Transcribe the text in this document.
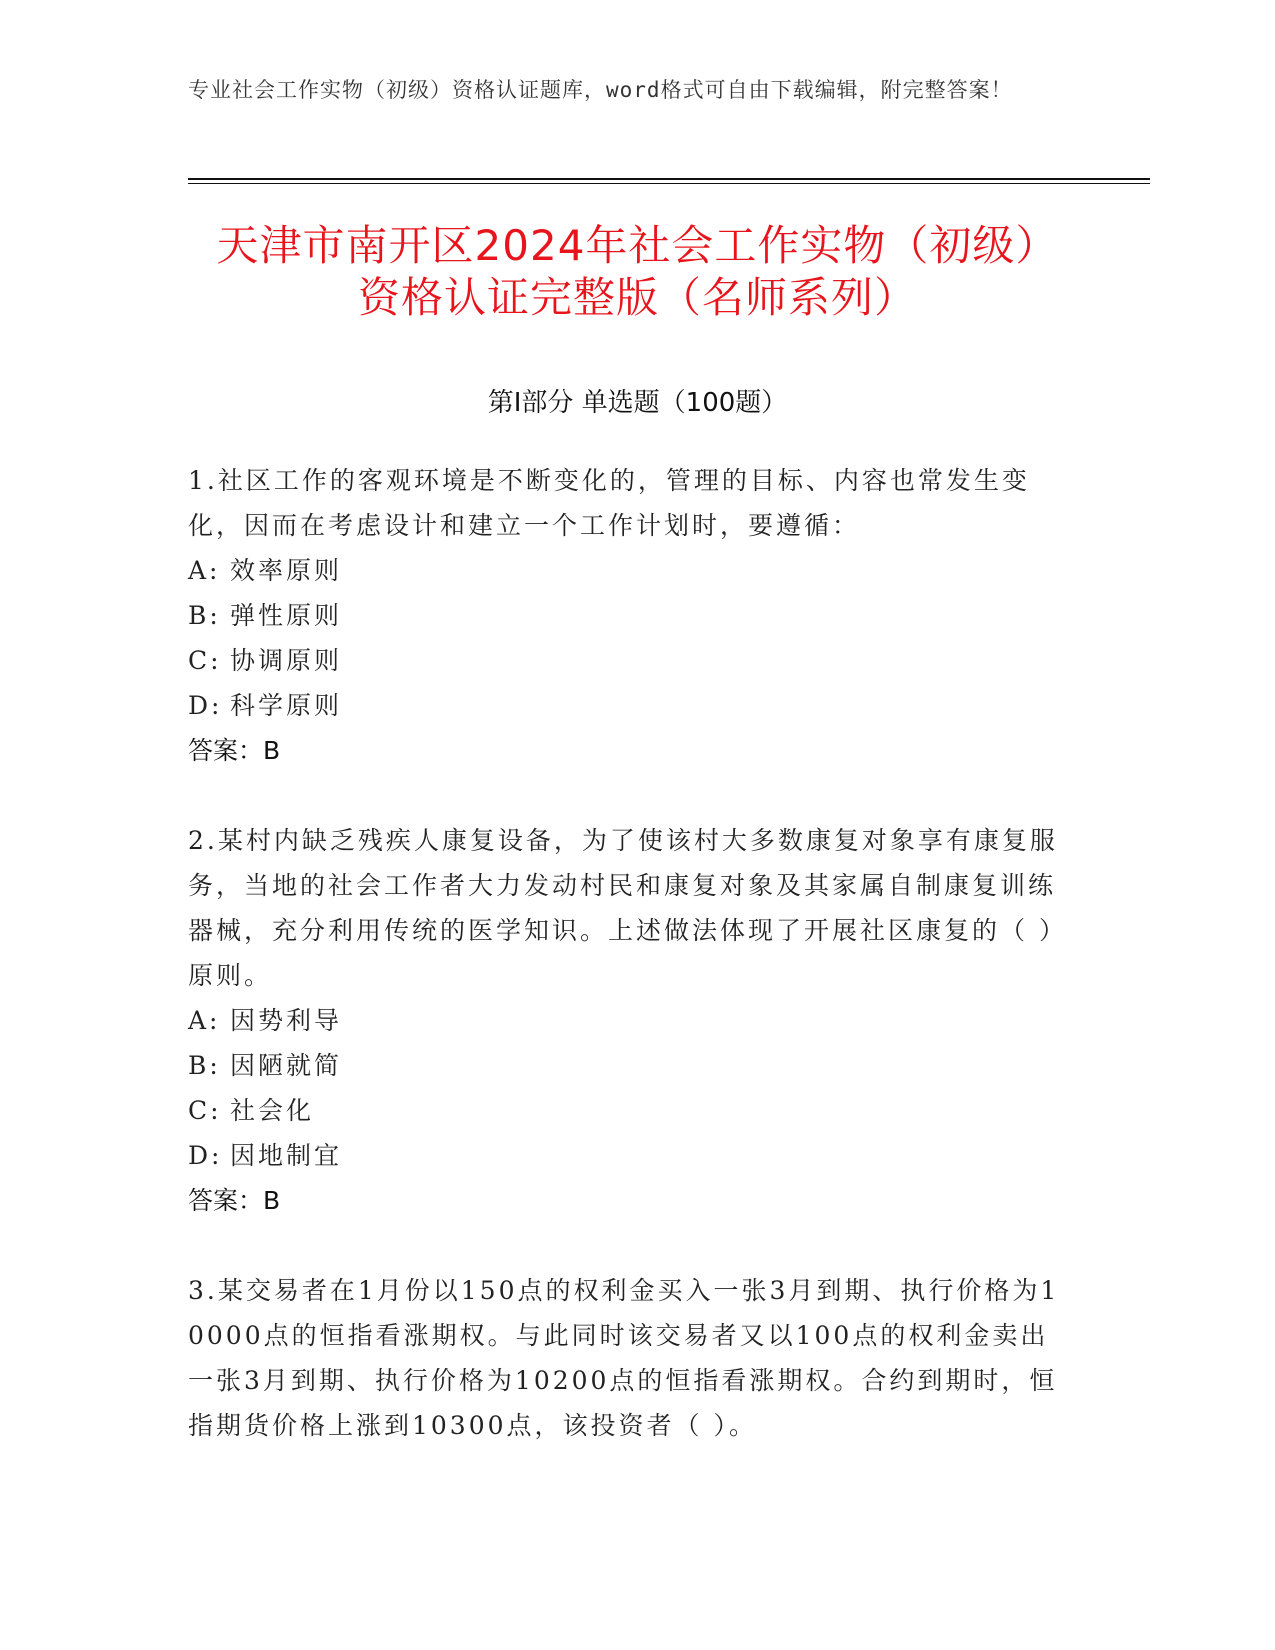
专业社会工作实物（初级）资格认证题库，word格式可自由下载编辑，附完整答案！
天津市南开区2024年社会工作实物（初级）
资格认证完整版（名师系列）
第I部分 单选题（100题）
1.社区工作的客观环境是不断变化的，管理的目标、内容也常发生变化，因而在考虑设计和建立一个工作计划时，要遵循：
A: 效率原则
B: 弹性原则
C: 协调原则
D: 科学原则
答案：B
2.某村内缺乏残疾人康复设备，为了使该村大多数康复对象享有康复服务，当地的社会工作者大力发动村民和康复对象及其家属自制康复训练器械，充分利用传统的医学知识。上述做法体现了开展社区康复的（ ）原则。
A: 因势利导
B: 因陋就简
C: 社会化
D: 因地制宜
答案：B
3.某交易者在1月份以150点的权利金买入一张3月到期、执行价格为10000点的恒指看涨期权。与此同时该交易者又以100点的权利金卖出一张3月到期、执行价格为10200点的恒指看涨期权。合约到期时，恒指期货价格上涨到10300点，该投资者（ ）。
